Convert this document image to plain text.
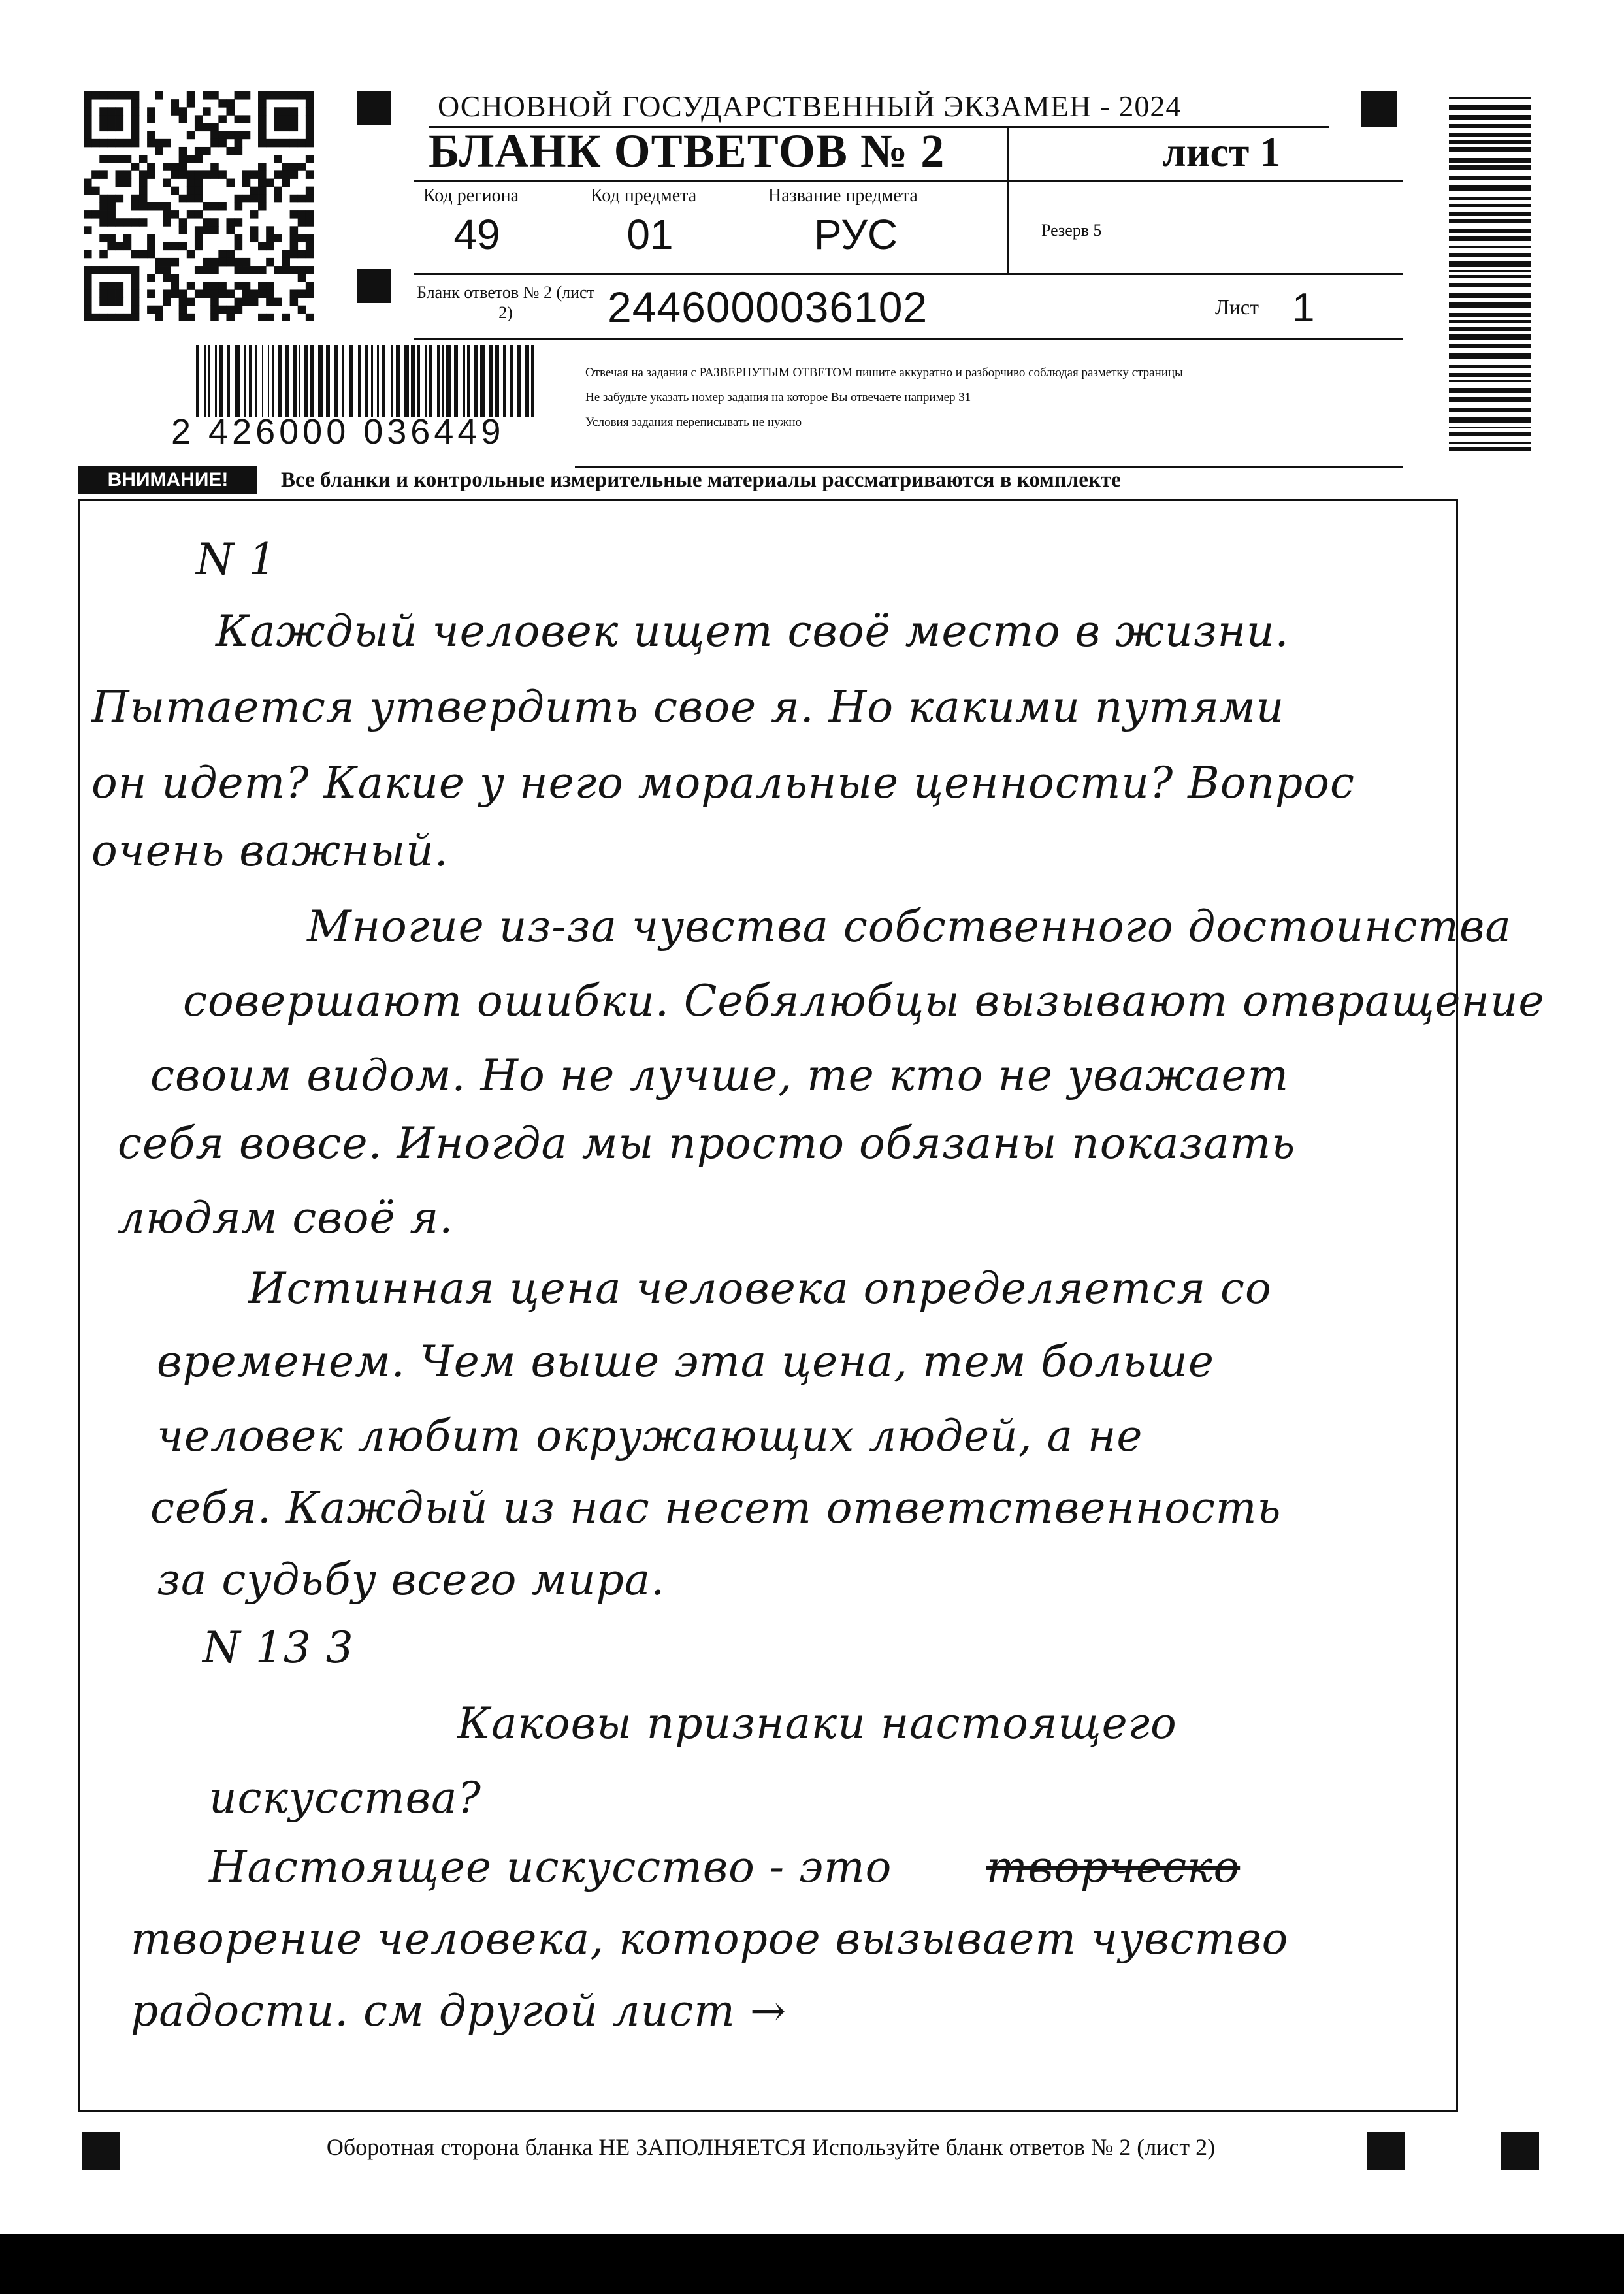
ОСНОВНОЙ ГОСУДАРСТВЕННЫЙ ЭКЗАМЕН - 2024
БЛАНК ОТВЕТОВ № 2	лист 1
Код региона
49
Код предмета
01
Название предмета
РУС	Резерв 5
Бланк ответов № 2 (лист 2)	2446000036102	Лист 1
2 426000 036449
Отвечая на задания с РАЗВЕРНУТЫМ ОТВЕТОМ пишите аккуратно и разборчиво соблюдая разметку страницы
Не забудьте указать номер задания на которое Вы отвечаете например 31
Условия задания переписывать не нужно
ВНИМАНИЕ!	Все бланки и контрольные измерительные материалы рассматриваются в комплекте
N 1
Каждый человек ищет своё место в жизни.
Пытается утвердить свое я. Но какими путями
он идет? Какие у него моральные ценности? Вопрос
очень важный.
Многие из-за чувства собственного достоинства
совершают ошибки. Себялюбцы вызывают отвращение
своим видом. Но не лучше, те кто не уважает
себя вовсе. Иногда мы просто обязаны показать
людям своё я.
Истинная цена человека определяется со
временем. Чем выше эта цена, тем больше
человек любит окружающих людей, а не
себя. Каждый из нас несет ответственность
за судьбу всего мира.
N 13 3
Каковы признаки настоящего
искусства?
Настоящее искусство - это творческо
творение человека, которое вызывает чувство
радости. см другой лист →
Оборотная сторона бланка НЕ ЗАПОЛНЯЕТСЯ Используйте бланк ответов № 2 (лист 2)
